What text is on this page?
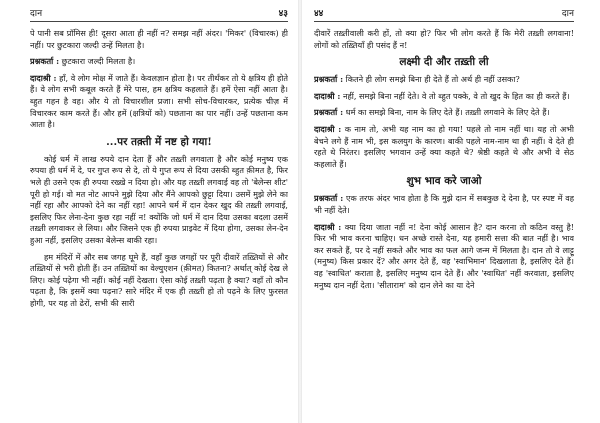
दान	४३

पे पानी सब प्रॉमिस ही! दूसरा आता ही नहीं न? समझ नहीं अंदर। 'मिकर' (विचारक) ही नहीं। पर छुटकारा जल्दी उन्हें मिलता है।

प्रश्नकर्ता : छुटकारा जल्दी मिलता है।

दादाश्री : हाँ, वे लोग मोक्ष में जाते हैं। केवलज्ञान होता है। पर तीर्थंकर तो ये क्षत्रिय ही होते हैं। वे लोग सभी कबूल करते हैं मेरे पास, हम क्षत्रिय कहलाते हैं। हमें ऐसा नहीं आता है। ब्हुत गहन है वह। और ये तो विचारशील प्रजा। सभी सोच-विचारकर, प्रत्येक चीज़ में विचारकर काम करते हैं। और हमें (क्षत्रियों को) पछताना का पार नहीं। उन्हें पछताना कम आता है।

...पर तक़्ती में नष्ट हो गया!

कोई धर्म में लाख रुपये दान देता हैं और तख़्ती लगवाता है और कोई मनुष्य एक रुपया ही धर्म में दे, पर गुप्त रूप से दे, तो ये गुप्त रूप से दिया उसकी ब्हुत क़ीमत है, फिर भले ही उसने एक ही रुपया रख्खे न दिया हो। और यह तख़्ती लगवाई वह तो 'बेलेन्स शीट' पूरी हो गई। वो मत नोट आपने मुझे दिया और मैंने आपको छुट्टा दिया। उसमें मुझे लेने का नहीं रहा और आपको देने का नहीं रहा! आपने धर्म में दान देकर खुद की तख़्ती लगवाई, इसलिए फिर लेना-देना कुछ रहा नहीं न! क्योंकि जो धर्म में दान दिया उसका बदला उसमें तख़्ती लगवाकर ले लिया। और जिसने एक ही रुपया प्राइवेट में दिया होगा, उसका लेन-देन हुआ नहीं, इसलिए उसका बेलेन्स बाकी रहा।

हम मंदिरों में और सब जगह घूमे हैं, वहाँ कुछ जगहों पर पूरी दीवारें तख़्तियों से और तख़्तियों से भरी होती हैं। उन तख़्तियों का वेल्युएशन (क़ीमत) कितना? अर्थात् कोई देख ले लिए। कोई पढ़ेगा भी नहीं। कोई नहीं देखता। ऐसा कोई तख़्ती पढ़ता है क्या? वहाँ तो कौन पढ़ता है, कि इसमें क्या पढ़ना? सारे मंदिर में एक ही तख़्ती हो तो पढ़ने के लिए फुरसत होगी, पर यह तो ढेरों, सभी की सारी

४४	दान

दीवारें तख़्तीवाली करी हों, तो क्या हो? फिर भी लोग करते हैं कि मेरी तख़्ती लगवाना! लोगों को तख़्तियाँ ही पसंद हैं न!

लक्ष्मी दी और तख़्ती ली

प्रश्नकर्ता : कितने ही लोग समझे बिना ही देते हैं तो अर्थ ही नहीं उसका?

दादाश्री : नहीं, समझे बिना नहीं देते। वे तो ब्हुत पक्के, वे तो खुद के हित का ही करते हैं।

प्रश्नकर्ता : धर्म का समझे बिना, नाम के लिए देते हैं। तख़्ती लगवाने के लिए देते हैं।

दादाश्री : क नाम तो, अभी यह नाम का हो गया! पहले तो नाम नहीं था। यह तो अभी बेचने लगे हैं नाम भी, इस कलयुग के कारण। बाकी पहले नाम-नाम था ही नहीं। वे देते ही रहते थे निरंतर। इसलिए भगवान उन्हें क्या कहते थे? श्रेष्ठी कहते थे और अभी वे सेठ कहलाते हैं।

शुभ भाव करे जाओ

प्रश्नकर्ता : एक तरफ अंदर भाव होता है कि मुझे दान में सबकुछ दे देना है, पर स्पष्ट में वह भी नहीं देते।

दादाश्री : क्या दिया जाता नहीं न! देना कोई आसान है? दान करना तो कठिन वस्तु है! फिर भी भाव करना चाहिए। धन अच्छे रास्ते देना, यह हमारी सत्ता की बात नहीं है। भाव कर सकते हैं, पर दे नहीं सकते और भाव का फल आगे जन्म में मिलता है। दान तो वे लाट्टू (मनुष्य) किस प्रकार दें? और अगर देते हैं, वह 'स्वाभिमान' दिखलाता है, इसलिए देते हैं। वह 'स्वाधित' कराता है, इसलिए मनुष्य दान देते हैं। और 'स्वाधित' नहीं करवाता, इसलिए मनुष्य दान नहीं देता। 'सीताराम' को दान लेने का या देने
